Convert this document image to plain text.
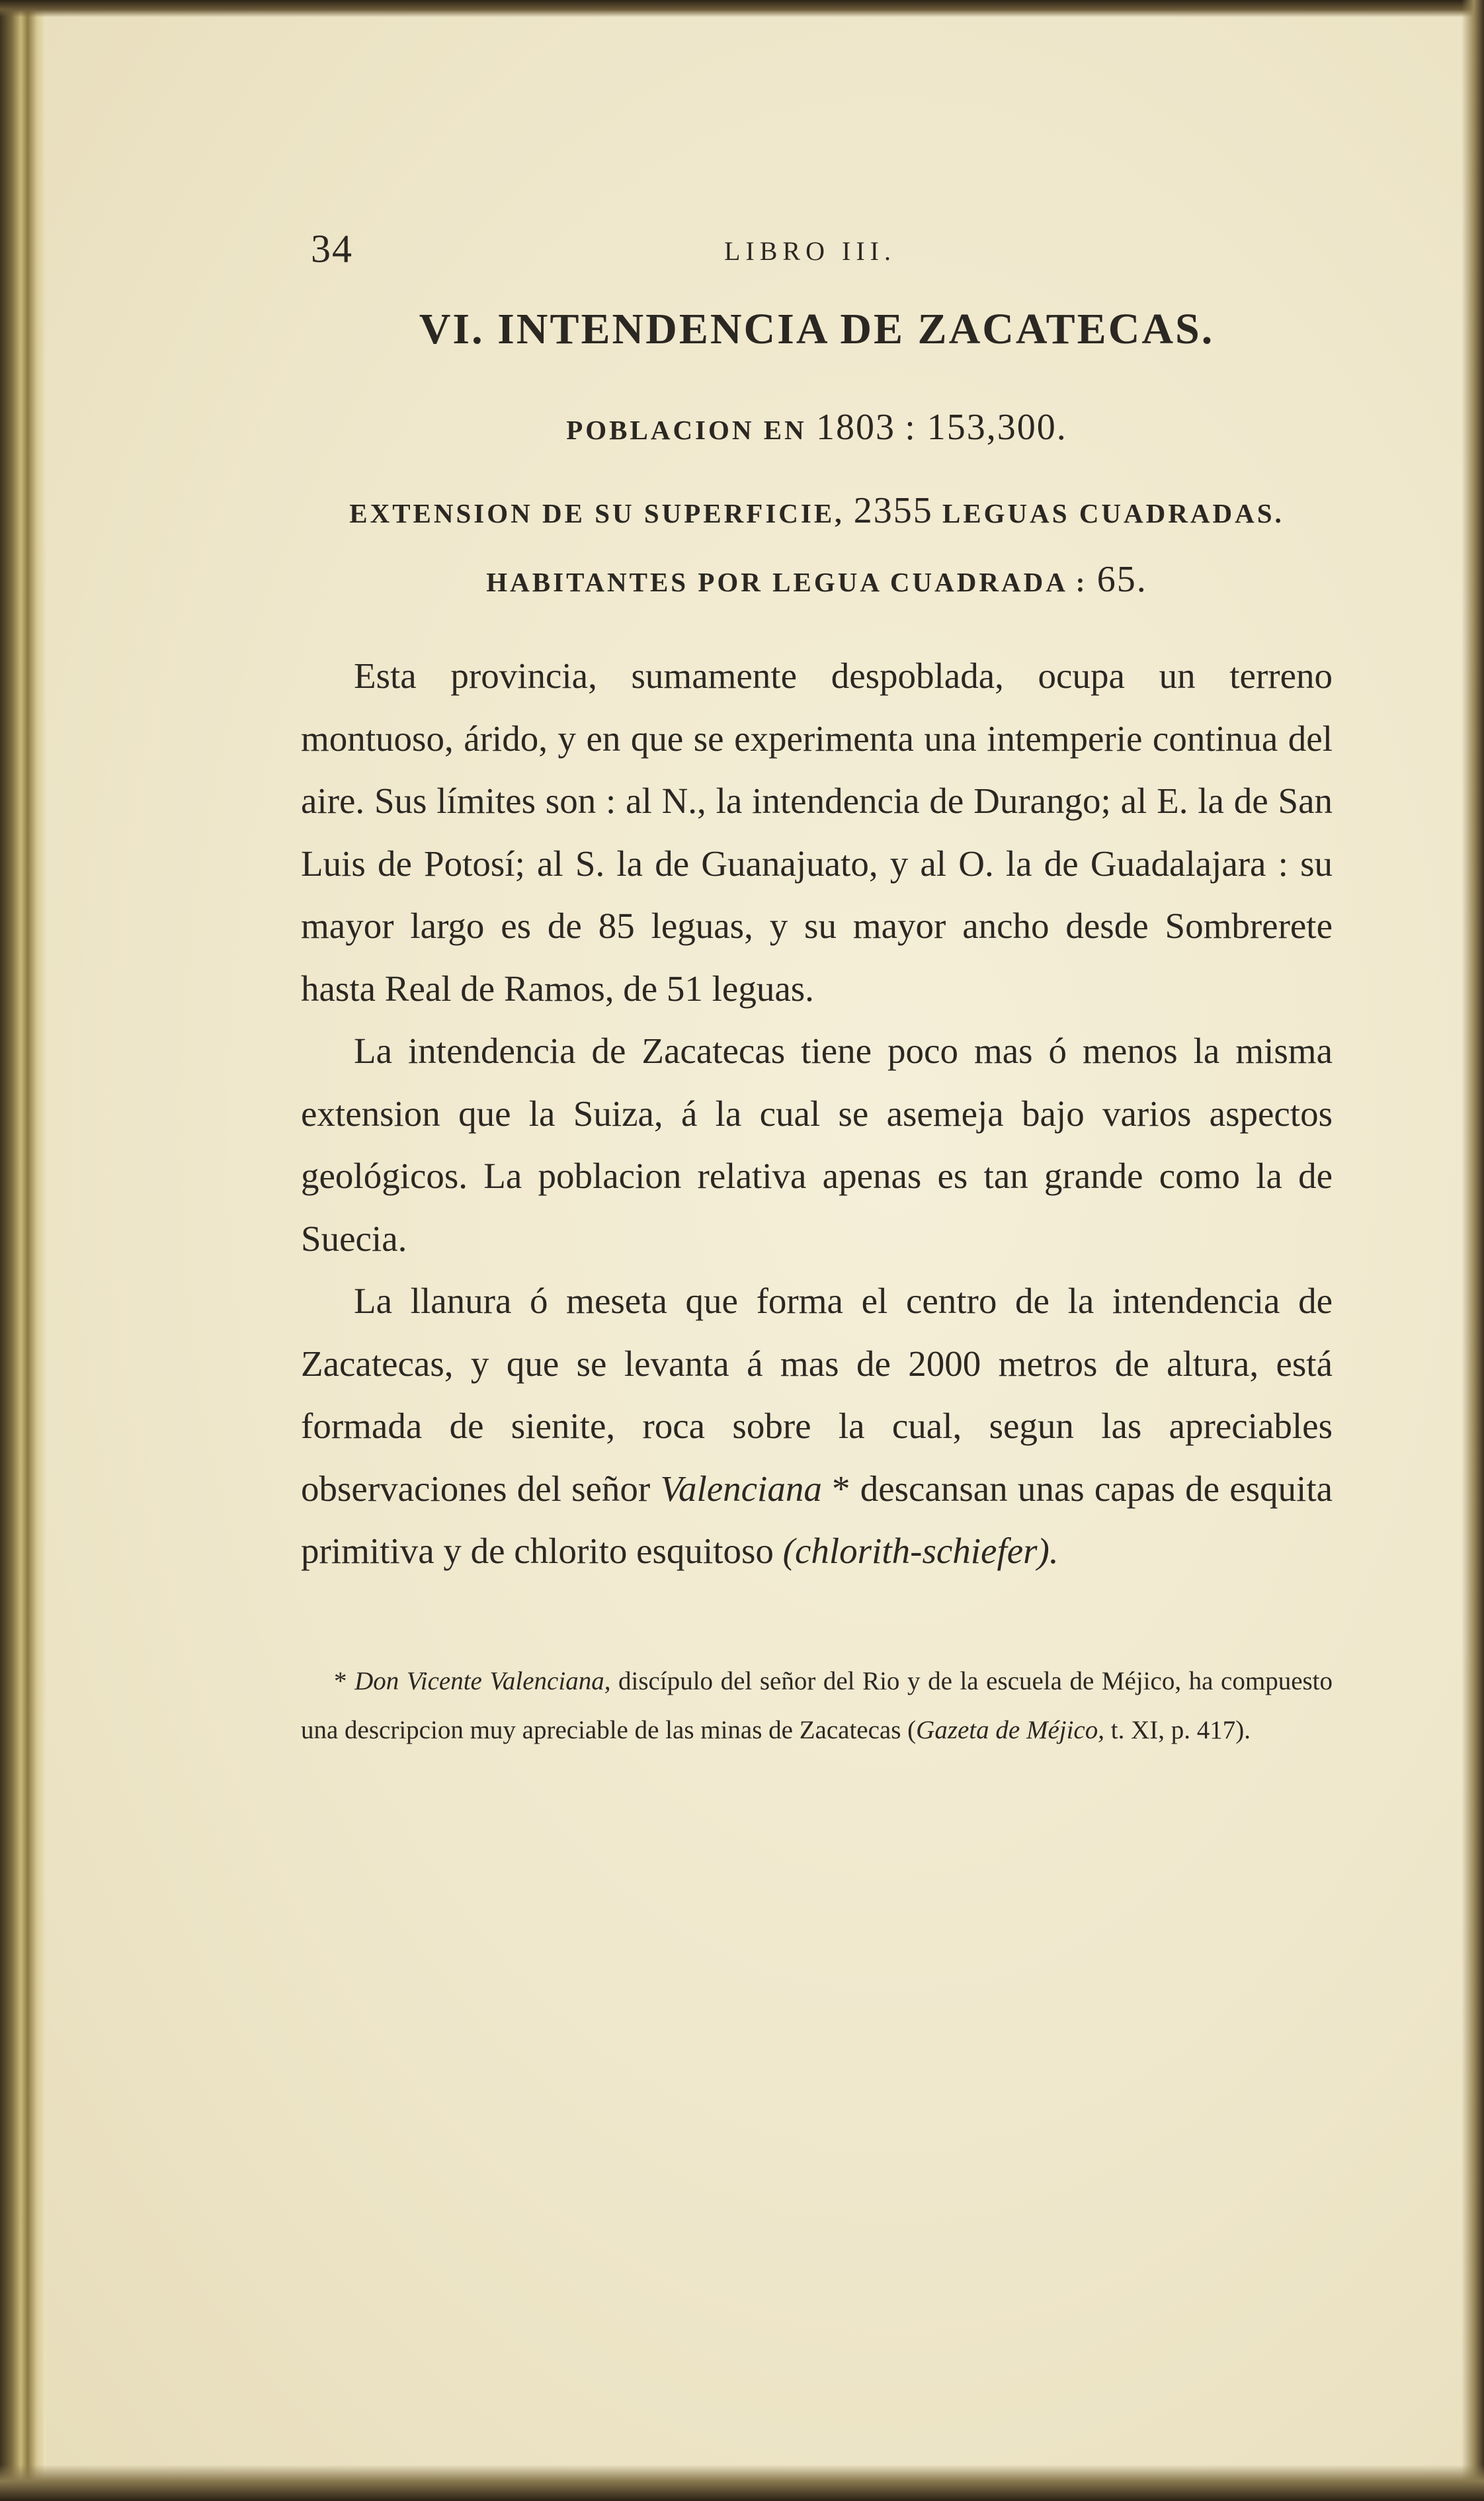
34	LIBRO III.
VI. INTENDENCIA DE ZACATECAS.

POBLACION EN 1803 : 153,300.

EXTENSION DE SU SUPERFICIE, 2355 LEGUAS CUADRADAS.

HABITANTES POR LEGUA CUADRADA : 65.

Esta provincia, sumamente despoblada, ocupa un terreno montuoso, árido, y en que se experimenta una intemperie continua del aire. Sus límites son : al N., la intendencia de Durango; al E. la de San Luis de Potosí; al S. la de Guanajuato, y al O. la de Guadalajara : su mayor largo es de 85 leguas, y su mayor ancho desde Sombrerete hasta Real de Ramos, de 51 leguas.

La intendencia de Zacatecas tiene poco mas ó menos la misma extension que la Suiza, á la cual se asemeja bajo varios aspectos geológicos. La poblacion relativa apenas es tan grande como la de Suecia.

La llanura ó meseta que forma el centro de la intendencia de Zacatecas, y que se levanta á mas de 2000 metros de altura, está formada de sienite, roca sobre la cual, segun las apreciables observaciones del señor Valenciana * descansan unas capas de esquita primitiva y de chlorito esquitoso (chlorith-schiefer).

* Don Vicente Valenciana, discípulo del señor del Rio y de la escuela de Méjico, ha compuesto una descripcion muy apreciable de las minas de Zacatecas (Gazeta de Méjico, t. XI, p. 417).
